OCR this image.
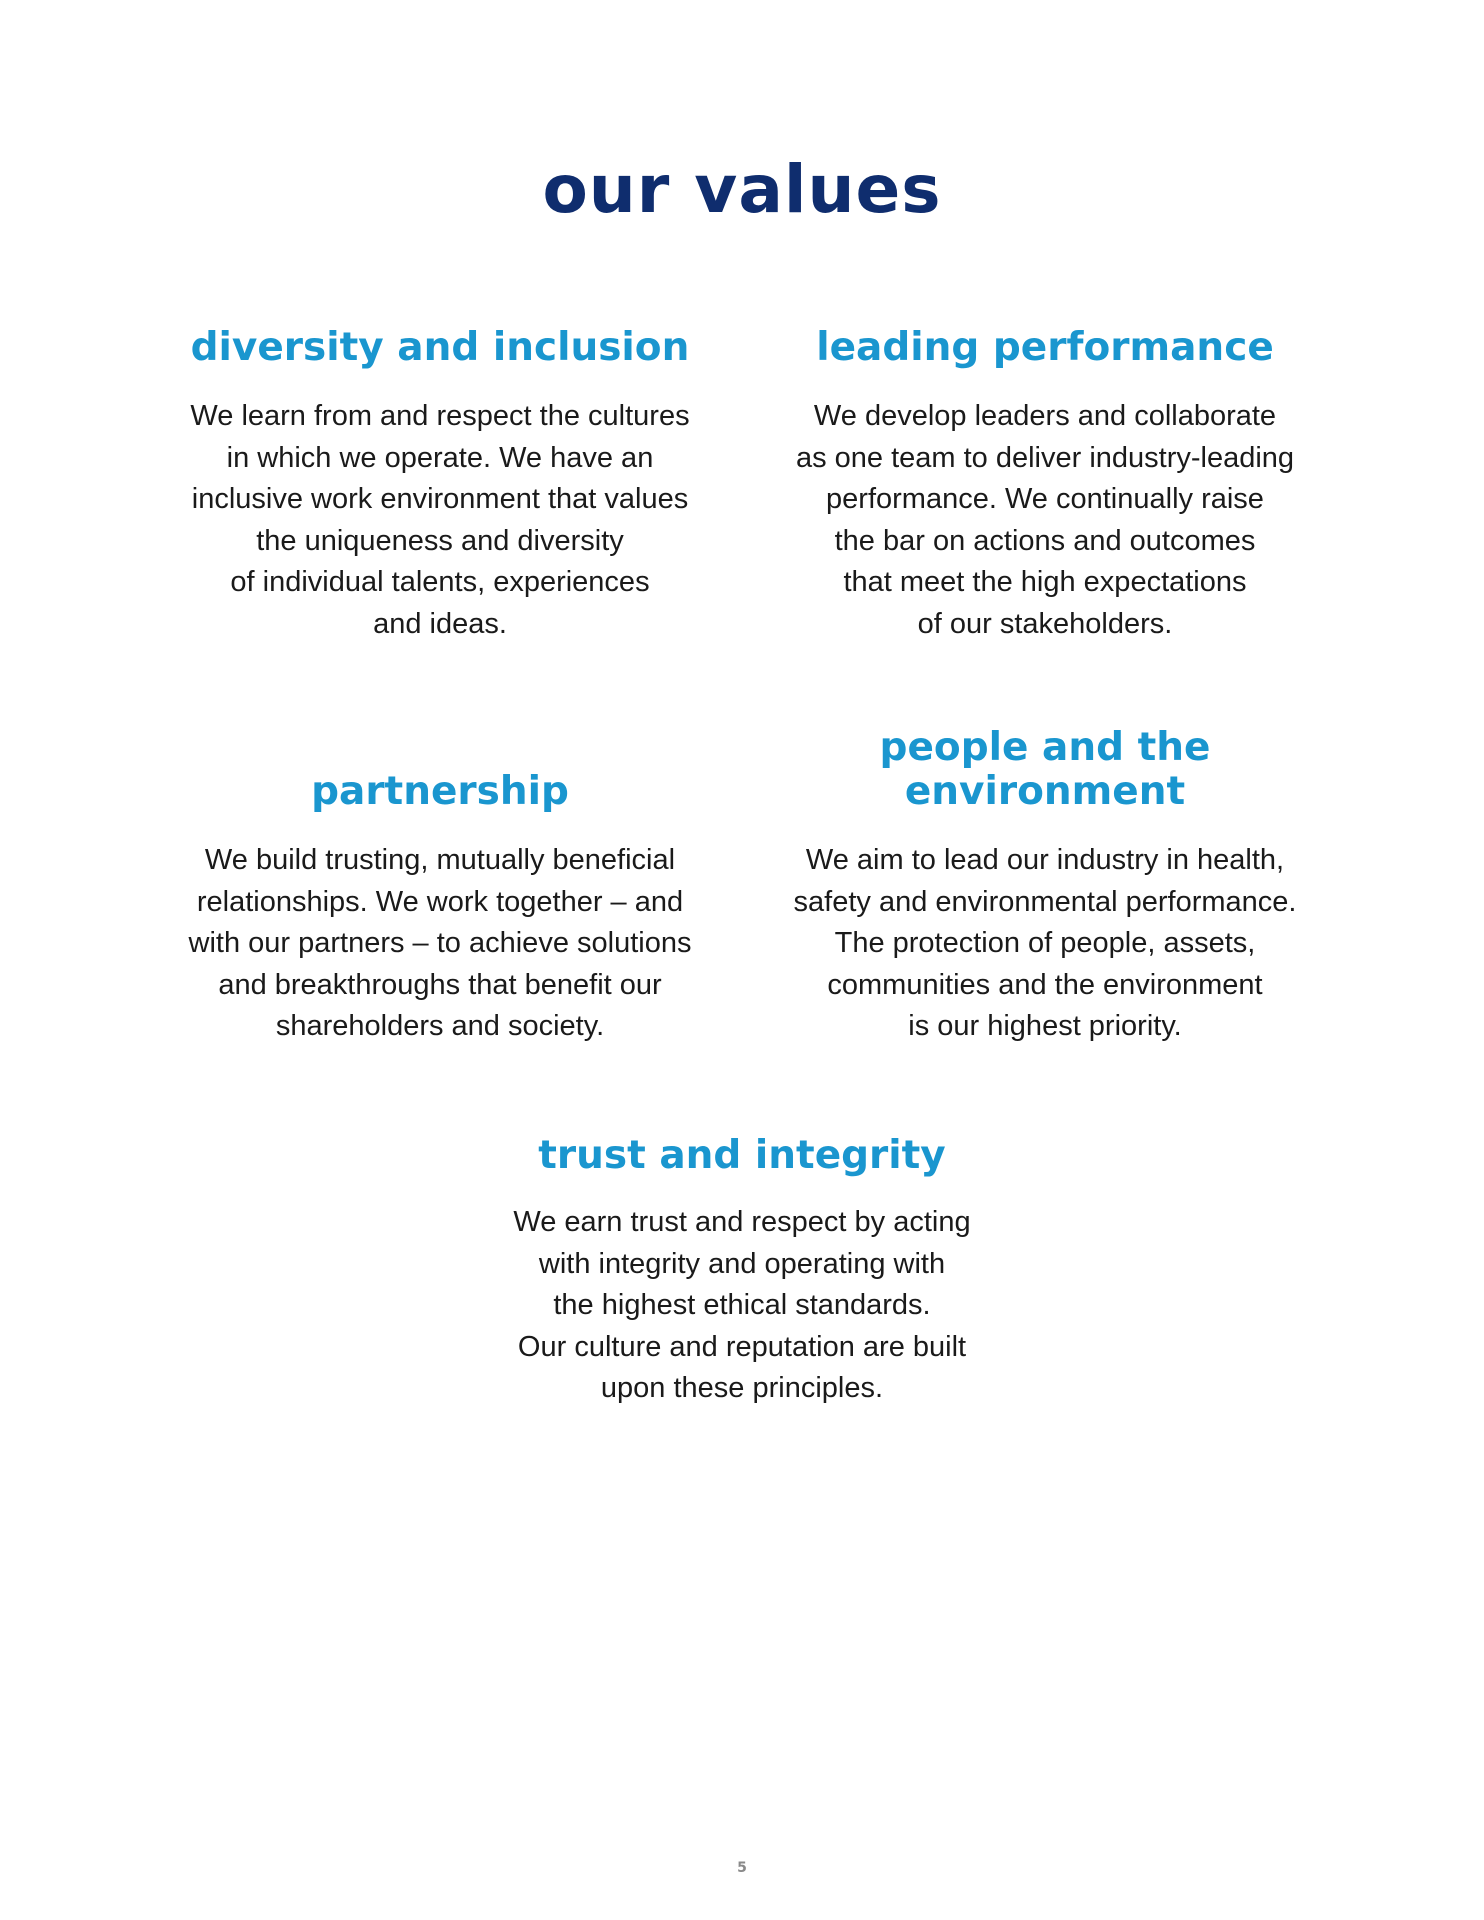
our values
diversity and inclusion

We learn from and respect the cultures
in which we operate. We have an
inclusive work environment that values
the uniqueness and diversity
of individual talents, experiences
and ideas.

leading performance

We develop leaders and collaborate
as one team to deliver industry-leading
performance. We continually raise
the bar on actions and outcomes
that meet the high expectations
of our stakeholders.

partnership

We build trusting, mutually beneficial
relationships. We work together – and
with our partners – to achieve solutions
and breakthroughs that benefit our
shareholders and society.

people and the
environment

We aim to lead our industry in health,
safety and environmental performance.
The protection of people, assets,
communities and the environment
is our highest priority.

trust and integrity

We earn trust and respect by acting
with integrity and operating with
the highest ethical standards.
Our culture and reputation are built
upon these principles.

5
